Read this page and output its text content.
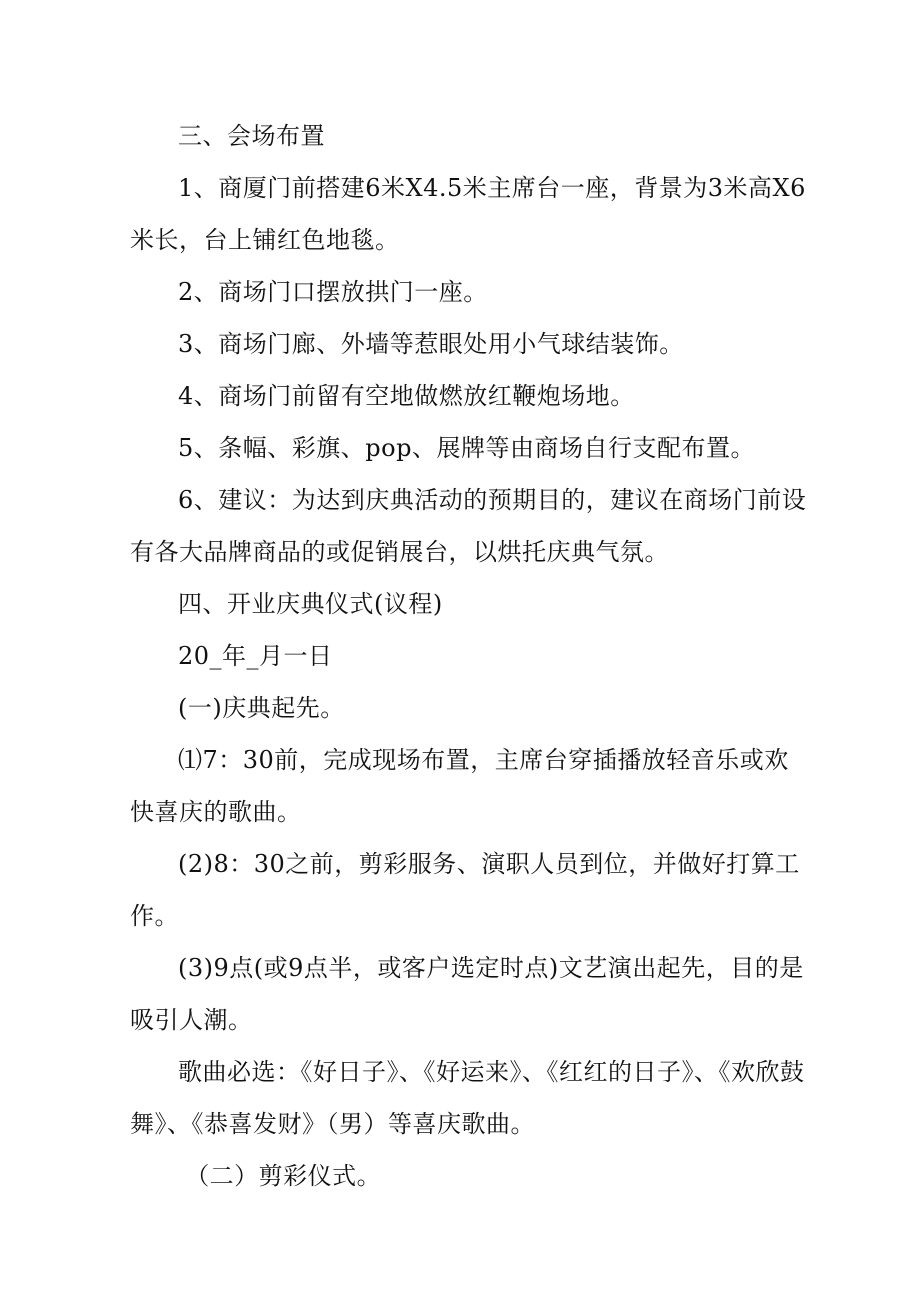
三、会场布置

1、商厦门前搭建6米X4.5米主席台一座，背景为3米高X6米长，台上铺红色地毯。

2、商场门口摆放拱门一座。

3、商场门廊、外墙等惹眼处用小气球结装饰。

4、商场门前留有空地做燃放红鞭炮场地。

5、条幅、彩旗、pop、展牌等由商场自行支配布置。

6、建议：为达到庆典活动的预期目的，建议在商场门前设有各大品牌商品的或促销展台，以烘托庆典气氛。

四、开业庆典仪式(议程)

20_年_月一日

(一)庆典起先。

⑴7：30前，完成现场布置，主席台穿插播放轻音乐或欢快喜庆的歌曲。

(2)8：30之前，剪彩服务、演职人员到位，并做好打算工作。

(3)9点(或9点半，或客户选定时点)文艺演出起先，目的是吸引人潮。

歌曲必选：《好日子》、《好运来》、《红红的日子》、《欢欣鼓舞》、《恭喜发财》（男）等喜庆歌曲。

（二）剪彩仪式。
